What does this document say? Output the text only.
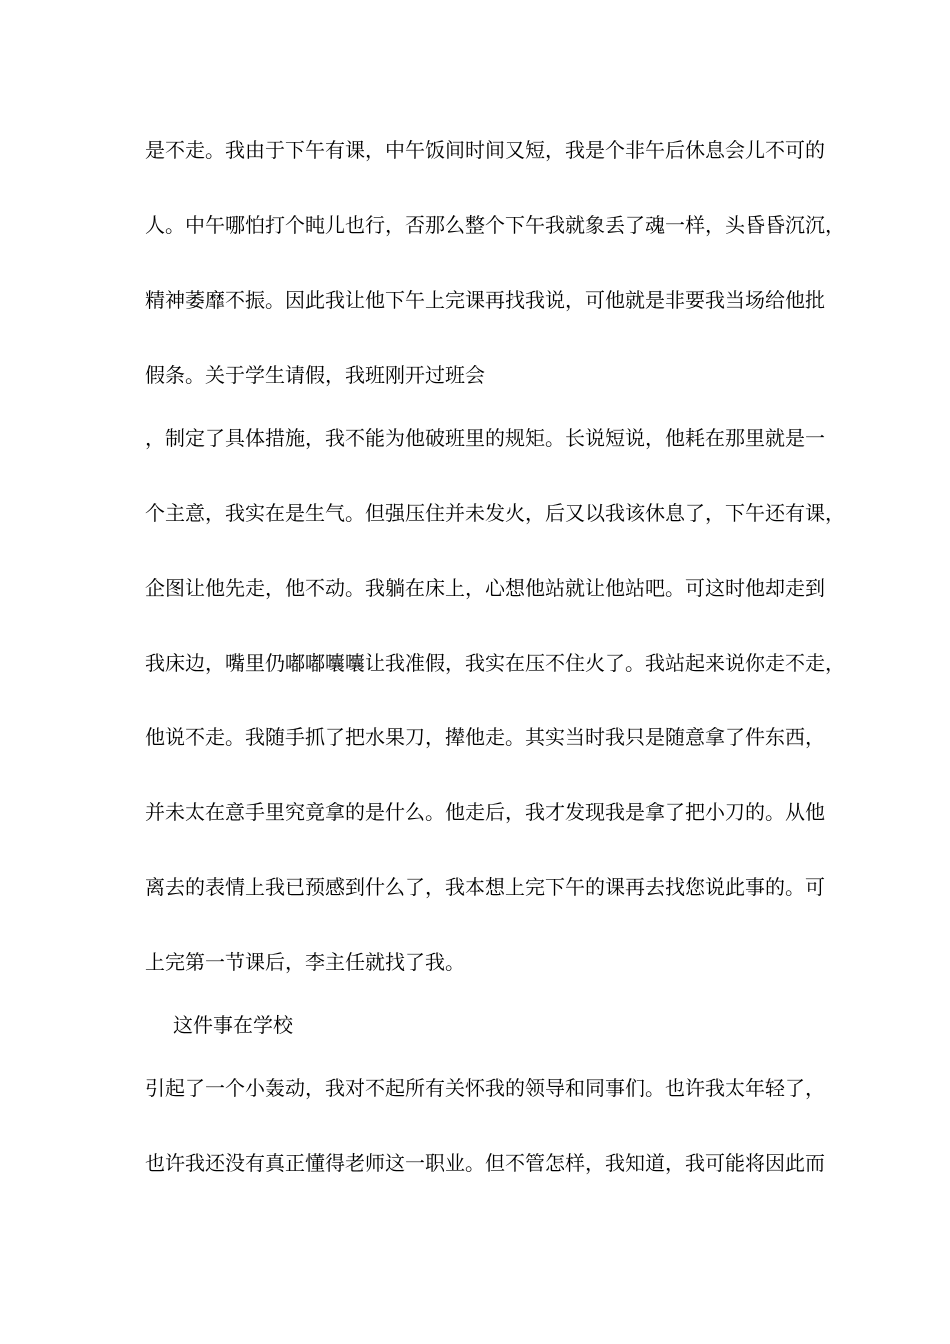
是不走。我由于下午有课，中午饭间时间又短，我是个非午后休息会儿不可的

人。中午哪怕打个盹儿也行，否那么整个下午我就象丢了魂一样，头昏昏沉沉，

精神萎靡不振。因此我让他下午上完课再找我说，可他就是非要我当场给他批

假条。关于学生请假，我班刚开过班会

，制定了具体措施，我不能为他破班里的规矩。长说短说，他耗在那里就是一

个主意，我实在是生气。但强压住并未发火，后又以我该休息了，下午还有课，

企图让他先走，他不动。我躺在床上，心想他站就让他站吧。可这时他却走到

我床边，嘴里仍嘟嘟囔囔让我准假，我实在压不住火了。我站起来说你走不走，

他说不走。我随手抓了把水果刀，撵他走。其实当时我只是随意拿了件东西，

并未太在意手里究竟拿的是什么。他走后，我才发现我是拿了把小刀的。从他

离去的表情上我已预感到什么了，我本想上完下午的课再去找您说此事的。可

上完第一节课后，李主任就找了我。

这件事在学校

引起了一个小轰动，我对不起所有关怀我的领导和同事们。也许我太年轻了，

也许我还没有真正懂得老师这一职业。但不管怎样，我知道，我可能将因此而
